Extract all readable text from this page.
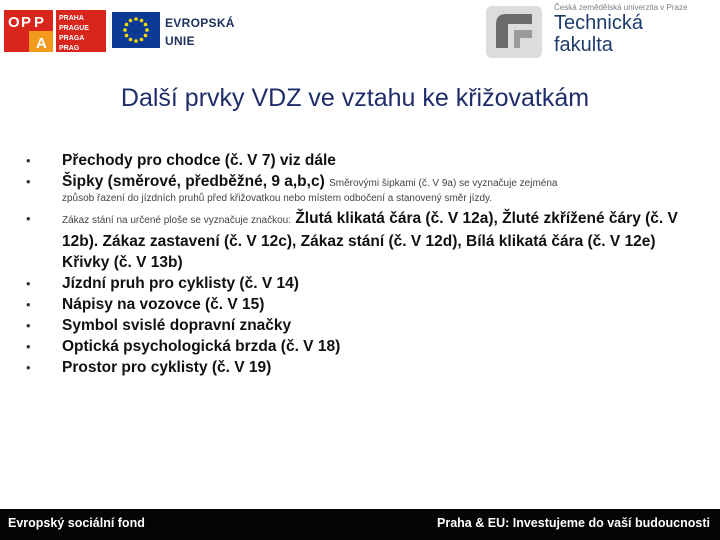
O P P
A
PRAHA
PRAGUE
PRAGA
PRAG
EVROPSKÁ
UNIE
Česká zemědělská univerzita v Praze
Technická
fakulta
Další prvky VDZ ve vztahu ke křižovatkám
•	Přechody pro chodce (č. V 7) viz dále
•	Šipky (směrové, předběžné, 9 a,b,c) Směrovými šipkami (č. V 9a) se vyznačuje zejména
způsob řazení do jízdních pruhů před křižovatkou nebo místem odbočení a stanovený směr jízdy.
•	Zákaz stání na určené ploše se vyznačuje značkou: Žlutá klikatá čára (č. V 12a), Žluté zkřížené čáry (č. V 12b). Zákaz zastavení (č. V 12c), Zákaz stání (č. V 12d), Bílá klikatá čára (č. V 12e) Křivky (č. V 13b)
•	Jízdní pruh pro cyklisty (č. V 14)
•	Nápisy na vozovce (č. V 15)
•	Symbol svislé dopravní značky
•	Optická psychologická brzda (č. V 18)
•	Prostor pro cyklisty (č. V 19)
Evropský sociální fond	Praha & EU: Investujeme do vaší budoucnosti
